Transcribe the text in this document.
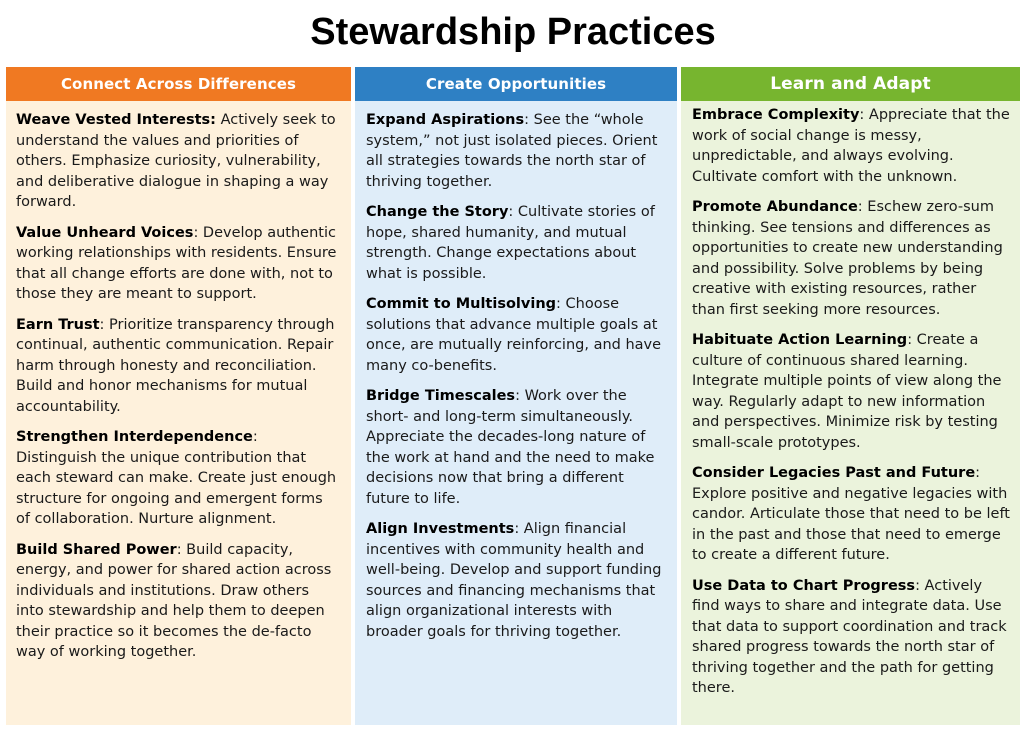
Stewardship Practices
Connect Across Differences

Weave Vested Interests: Actively seek to understand the values and priorities of others. Emphasize curiosity, vulnerability, and deliberative dialogue in shaping a way forward.

Value Unheard Voices: Develop authentic working relationships with residents. Ensure that all change efforts are done with, not to those they are meant to support.

Earn Trust: Prioritize transparency through continual, authentic communication. Repair harm through honesty and reconciliation. Build and honor mechanisms for mutual accountability.

Strengthen Interdependence: Distinguish the unique contribution that each steward can make. Create just enough structure for ongoing and emergent forms of collaboration. Nurture alignment.

Build Shared Power: Build capacity, energy, and power for shared action across individuals and institutions. Draw others into stewardship and help them to deepen their practice so it becomes the de-facto way of working together.

Create Opportunities

Expand Aspirations: See the “whole system,” not just isolated pieces. Orient all strategies towards the north star of thriving together.

Change the Story: Cultivate stories of hope, shared humanity, and mutual strength. Change expectations about what is possible.

Commit to Multisolving: Choose solutions that advance multiple goals at once, are mutually reinforcing, and have many co-benefits.

Bridge Timescales: Work over the short- and long-term simultaneously. Appreciate the decades-long nature of the work at hand and the need to make decisions now that bring a different future to life.

Align Investments: Align financial incentives with community health and well-being. Develop and support funding sources and financing mechanisms that align organizational interests with broader goals for thriving together.

Learn and Adapt

Embrace Complexity: Appreciate that the work of social change is messy, unpredictable, and always evolving. Cultivate comfort with the unknown.

Promote Abundance: Eschew zero-sum thinking. See tensions and differences as opportunities to create new understanding and possibility. Solve problems by being creative with existing resources, rather than first seeking more resources.

Habituate Action Learning: Create a culture of continuous shared learning. Integrate multiple points of view along the way. Regularly adapt to new information and perspectives. Minimize risk by testing small-scale prototypes.

Consider Legacies Past and Future: Explore positive and negative legacies with candor. Articulate those that need to be left in the past and those that need to emerge to create a different future.

Use Data to Chart Progress: Actively find ways to share and integrate data. Use that data to support coordination and track shared progress towards the north star of thriving together and the path for getting there.
